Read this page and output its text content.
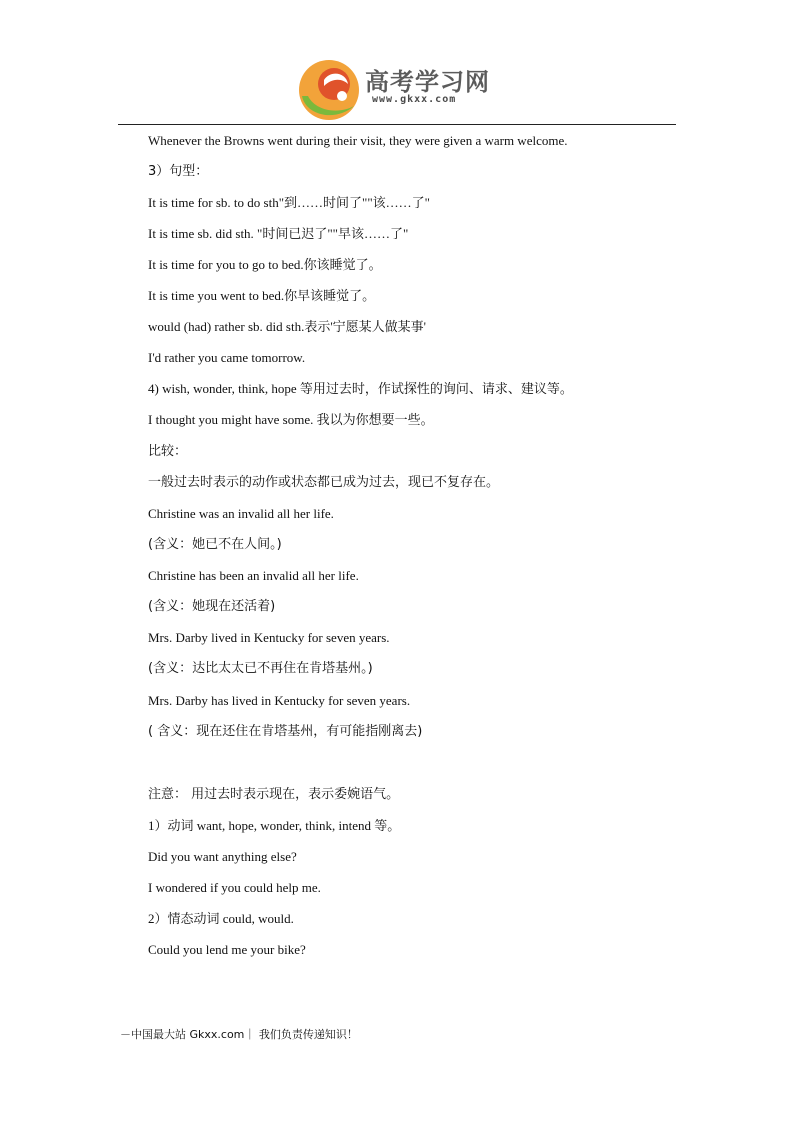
高考学习网
www.gkxx.com
Whenever the Browns went during their visit, they were given a warm welcome.
3）句型：
It is time for sb. to do sth"到……时间了""该……了"
It is time sb. did sth. "时间已迟了""早该……了"
It is time for you to go to bed.你该睡觉了。
It is time you went to bed.你早该睡觉了。
would (had) rather sb. did sth.表示'宁愿某人做某事'
I'd rather you came tomorrow.
4) wish, wonder, think, hope 等用过去时，作试探性的询问、请求、建议等。
I thought you might have some. 我以为你想要一些。
比较：
一般过去时表示的动作或状态都已成为过去，现已不复存在。
Christine was an invalid all her life.
(含义：她已不在人间。)
Christine has been an invalid all her life.
(含义：她现在还活着)
Mrs. Darby lived in Kentucky for seven years.
(含义：达比太太已不再住在肯塔基州。)
Mrs. Darby has lived in Kentucky for seven years.
( 含义：现在还住在肯塔基州，有可能指刚离去)
注意： 用过去时表示现在，表示委婉语气。
1）动词 want, hope, wonder, think, intend 等。
Did you want anything else?
I wondered if you could help me.
2）情态动词 could, would.
Could you lend me your bike?
－中国最大站 Gkxx.com｜ 我们负责传递知识！
